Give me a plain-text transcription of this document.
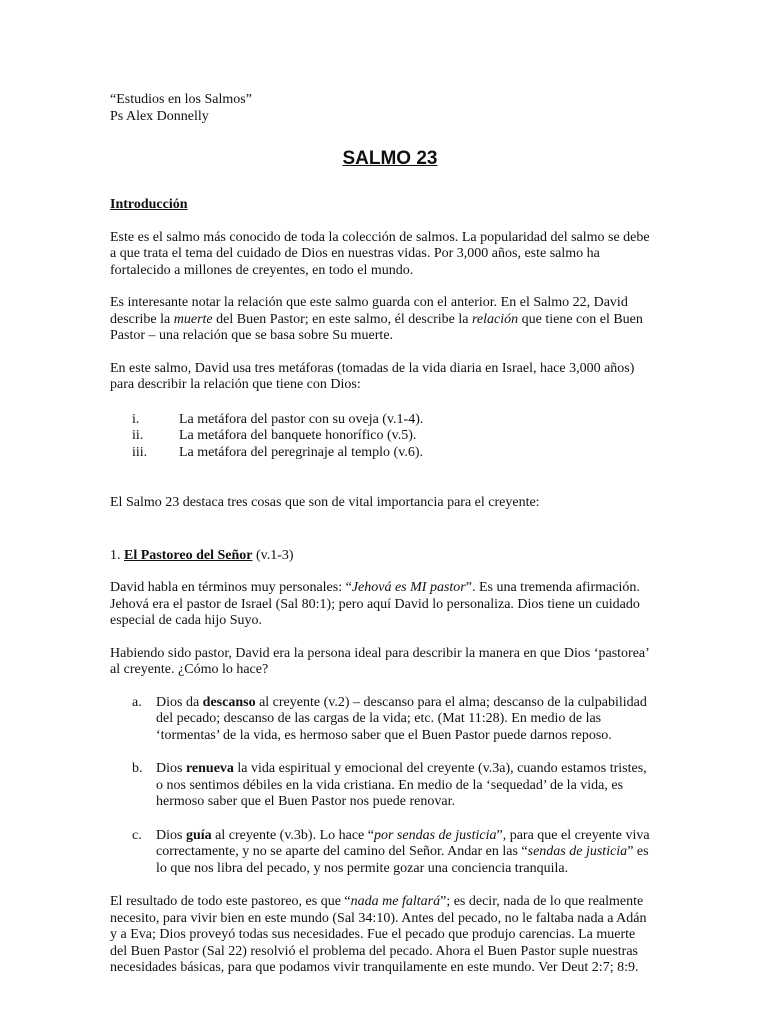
“Estudios en los Salmos”

Ps Alex Donnelly

SALMO 23

Introducción

Este es el salmo más conocido de toda la colección de salmos. La popularidad del salmo se debe a que trata el tema del cuidado de Dios en nuestras vidas. Por 3,000 años, este salmo ha fortalecido a millones de creyentes, en todo el mundo.

Es interesante notar la relación que este salmo guarda con el anterior. En el Salmo 22, David describe la muerte del Buen Pastor; en este salmo, él describe la relación que tiene con el Buen Pastor – una relación que se basa sobre Su muerte.

En este salmo, David usa tres metáforas (tomadas de la vida diaria en Israel, hace 3,000 años) para describir la relación que tiene con Dios:

i.	La metáfora del pastor con su oveja (v.1-4).
ii.	La metáfora del banquete honorífico (v.5).
iii.	La metáfora del peregrinaje al templo (v.6).

El Salmo 23 destaca tres cosas que son de vital importancia para el creyente:

1. El Pastoreo del Señor (v.1-3)

David habla en términos muy personales: “Jehová es MI pastor”. Es una tremenda afirmación. Jehová era el pastor de Israel (Sal 80:1); pero aquí David lo personaliza. Dios tiene un cuidado especial de cada hijo Suyo.

Habiendo sido pastor, David era la persona ideal para describir la manera en que Dios ‘pastorea’ al creyente. ¿Cómo lo hace?

a.	Dios da descanso al creyente (v.2) – descanso para el alma; descanso de la culpabilidad del pecado; descanso de las cargas de la vida; etc. (Mat 11:28). En medio de las ‘tormentas’ de la vida, es hermoso saber que el Buen Pastor puede darnos reposo.
b. Dios renueva la vida espiritual y emocional del creyente (v.3a), cuando estamos tristes, o nos sentimos débiles en la vida cristiana. En medio de la ‘sequedad’ de la vida, es hermoso saber que el Buen Pastor nos puede renovar.
c.	Dios guía al creyente (v.3b). Lo hace “por sendas de justicia”, para que el creyente viva correctamente, y no se aparte del camino del Señor. Andar en las “sendas de justicia” es lo que nos libra del pecado, y nos permite gozar una conciencia tranquila.

El resultado de todo este pastoreo, es que “nada me faltará”; es decir, nada de lo que realmente necesito, para vivir bien en este mundo (Sal 34:10). Antes del pecado, no le faltaba nada a Adán y a Eva; Dios proveyó todas sus necesidades. Fue el pecado que produjo carencias. La muerte del Buen Pastor (Sal 22) resolvió el problema del pecado. Ahora el Buen Pastor suple nuestras necesidades básicas, para que podamos vivir tranquilamente en este mundo. Ver Deut 2:7; 8:9.
